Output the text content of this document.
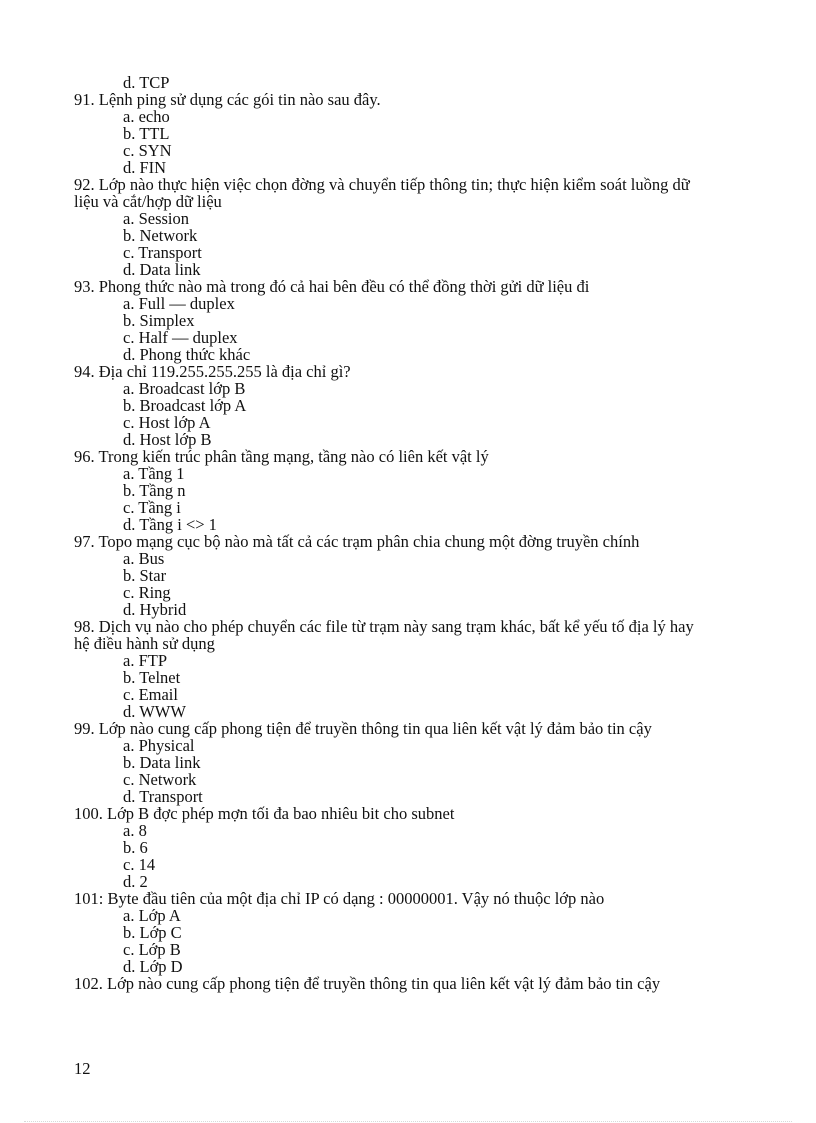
d. TCP

91. Lệnh ping sử dụng các gói tin nào sau đây.

a. echo

b. TTL

c. SYN

d. FIN

92. Lớp nào thực hiện việc chọn đờng và chuyển tiếp thông tin; thực hiện kiểm soát luồng dữ liệu và cắt/hợp dữ liệu

a. Session

b. Network

c. Transport

d. Data link

93. Phong thức nào mà trong đó cả hai bên đều có thể đồng thời gửi dữ liệu đi

a. Full — duplex

b. Simplex

c. Half — duplex

d. Phong thức khác

94. Địa chỉ 119.255.255.255 là địa chỉ gì?

a. Broadcast lớp B

b. Broadcast lớp A

c. Host lớp A

d. Host lớp B

96. Trong kiến trúc phân tầng mạng, tầng nào có liên kết vật lý

a. Tầng 1

b. Tầng n

c. Tầng i

d. Tầng i <> 1

97. Topo mạng cục bộ nào mà tất cả các trạm phân chia chung một đờng truyền chính

a. Bus

b. Star

c. Ring

d. Hybrid

98. Dịch vụ nào cho phép chuyển các file từ trạm này sang trạm khác, bất kể yếu tố địa lý hay hệ điều hành sử dụng

a. FTP

b. Telnet

c. Email

d. WWW

99. Lớp nào cung cấp phong tiện để truyền thông tin qua liên kết vật lý đảm bảo tin cậy

a. Physical

b. Data link

c. Network

d. Transport

100. Lớp B đợc phép mợn tối đa bao nhiêu bit cho subnet

a. 8

b. 6

c. 14

d. 2

101: Byte đầu tiên của một địa chỉ IP có dạng : 00000001. Vậy nó thuộc lớp nào

a. Lớp A

b. Lớp C

c. Lớp B

d. Lớp D

102. Lớp nào cung cấp phong tiện để truyền thông tin qua liên kết vật lý đảm bảo tin cậy

12
